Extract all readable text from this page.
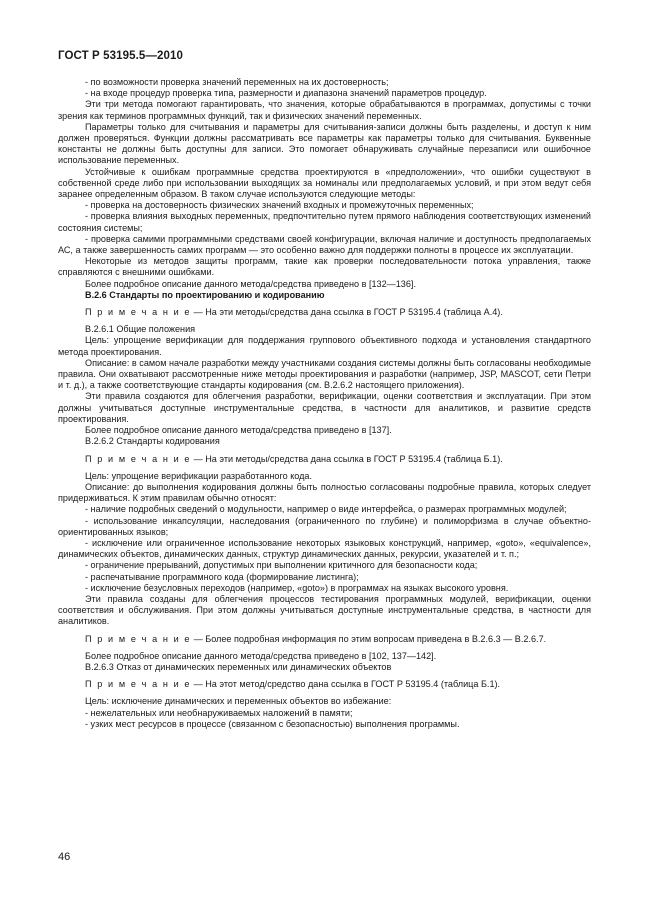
ГОСТ Р 53195.5—2010

- по возможности проверка значений переменных на их достоверность;

- на входе процедур проверка типа, размерности и диапазона значений параметров процедур.

Эти три метода помогают гарантировать, что значения, которые обрабатываются в программах, допустимы с точки зрения как терминов программных функций, так и физических значений переменных.

Параметры только для считывания и параметры для считывания-записи должны быть разделены, и доступ к ним должен проверяться. Функции должны рассматривать все параметры как параметры только для считывания. Буквенные константы не должны быть доступны для записи. Это помогает обнаруживать случайные перезаписи или ошибочное использование переменных.

Устойчивые к ошибкам программные средства проектируются в «предположении», что ошибки существуют в собственной среде либо при использовании выходящих за номиналы или предполагаемых условий, и при этом ведут себя заранее определенным образом. В таком случае используются следующие методы:

- проверка на достоверность физических значений входных и промежуточных переменных;

- проверка влияния выходных переменных, предпочтительно путем прямого наблюдения соответствующих изменений состояния системы;

- проверка самими программными средствами своей конфигурации, включая наличие и доступность предполагаемых АС, а также завершенность самих программ — это особенно важно для поддержки полноты в процессе их эксплуатации.

Некоторые из методов защиты программ, такие как проверки последовательности потока управления, также справляются с внешними ошибками.

Более подробное описание данного метода/средства приведено в [132—136].

В.2.6 Стандарты по проектированию и кодированию

П р и м е ч а н и е — На эти методы/средства дана ссылка в ГОСТ Р 53195.4 (таблица А.4).

В.2.6.1 Общие положения

Цель: упрощение верификации для поддержания группового объективного подхода и установления стандартного метода проектирования.

Описание: в самом начале разработки между участниками создания системы должны быть согласованы необходимые правила. Они охватывают рассмотренные ниже методы проектирования и разработки (например, JSP, MASCOT, сети Петри и т. д.), а также соответствующие стандарты кодирования (см. В.2.6.2 настоящего приложения).

Эти правила создаются для облегчения разработки, верификации, оценки соответствия и эксплуатации. При этом должны учитываться доступные инструментальные средства, в частности для аналитиков, и развитие средств проектирования.

Более подробное описание данного метода/средства приведено в [137].

В.2.6.2 Стандарты кодирования

П р и м е ч а н и е — На эти методы/средства дана ссылка в ГОСТ Р 53195.4 (таблица Б.1).

Цель: упрощение верификации разработанного кода.

Описание: до выполнения кодирования должны быть полностью согласованы подробные правила, которых следует придерживаться. К этим правилам обычно относят:

- наличие подробных сведений о модульности, например о виде интерфейса, о размерах программных модулей;

- использование инкапсуляции, наследования (ограниченного по глубине) и полиморфизма в случае объектно-ориентированных языков;

- исключение или ограниченное использование некоторых языковых конструкций, например, «goto», «equivalence», динамических объектов, динамических данных, структур динамических данных, рекурсии, указателей и т. п.;

- ограничение прерываний, допустимых при выполнении критичного для безопасности кода;

- распечатывание программного кода (формирование листинга);

- исключение безусловных переходов (например, «goto») в программах на языках высокого уровня.

Эти правила созданы для облегчения процессов тестирования программных модулей, верификации, оценки соответствия и обслуживания. При этом должны учитываться доступные инструментальные средства, в частности для аналитиков.

П р и м е ч а н и е — Более подробная информация по этим вопросам приведена в В.2.6.3 — В.2.6.7.

Более подробное описание данного метода/средства приведено в [102, 137—142].

В.2.6.3 Отказ от динамических переменных или динамических объектов

П р и м е ч а н и е — На этот метод/средство дана ссылка в ГОСТ Р 53195.4 (таблица Б.1).

Цель: исключение динамических и переменных объектов во избежание:

- нежелательных или необнаруживаемых наложений в памяти;

- узких мест ресурсов в процессе (связанном с безопасностью) выполнения программы.

46
